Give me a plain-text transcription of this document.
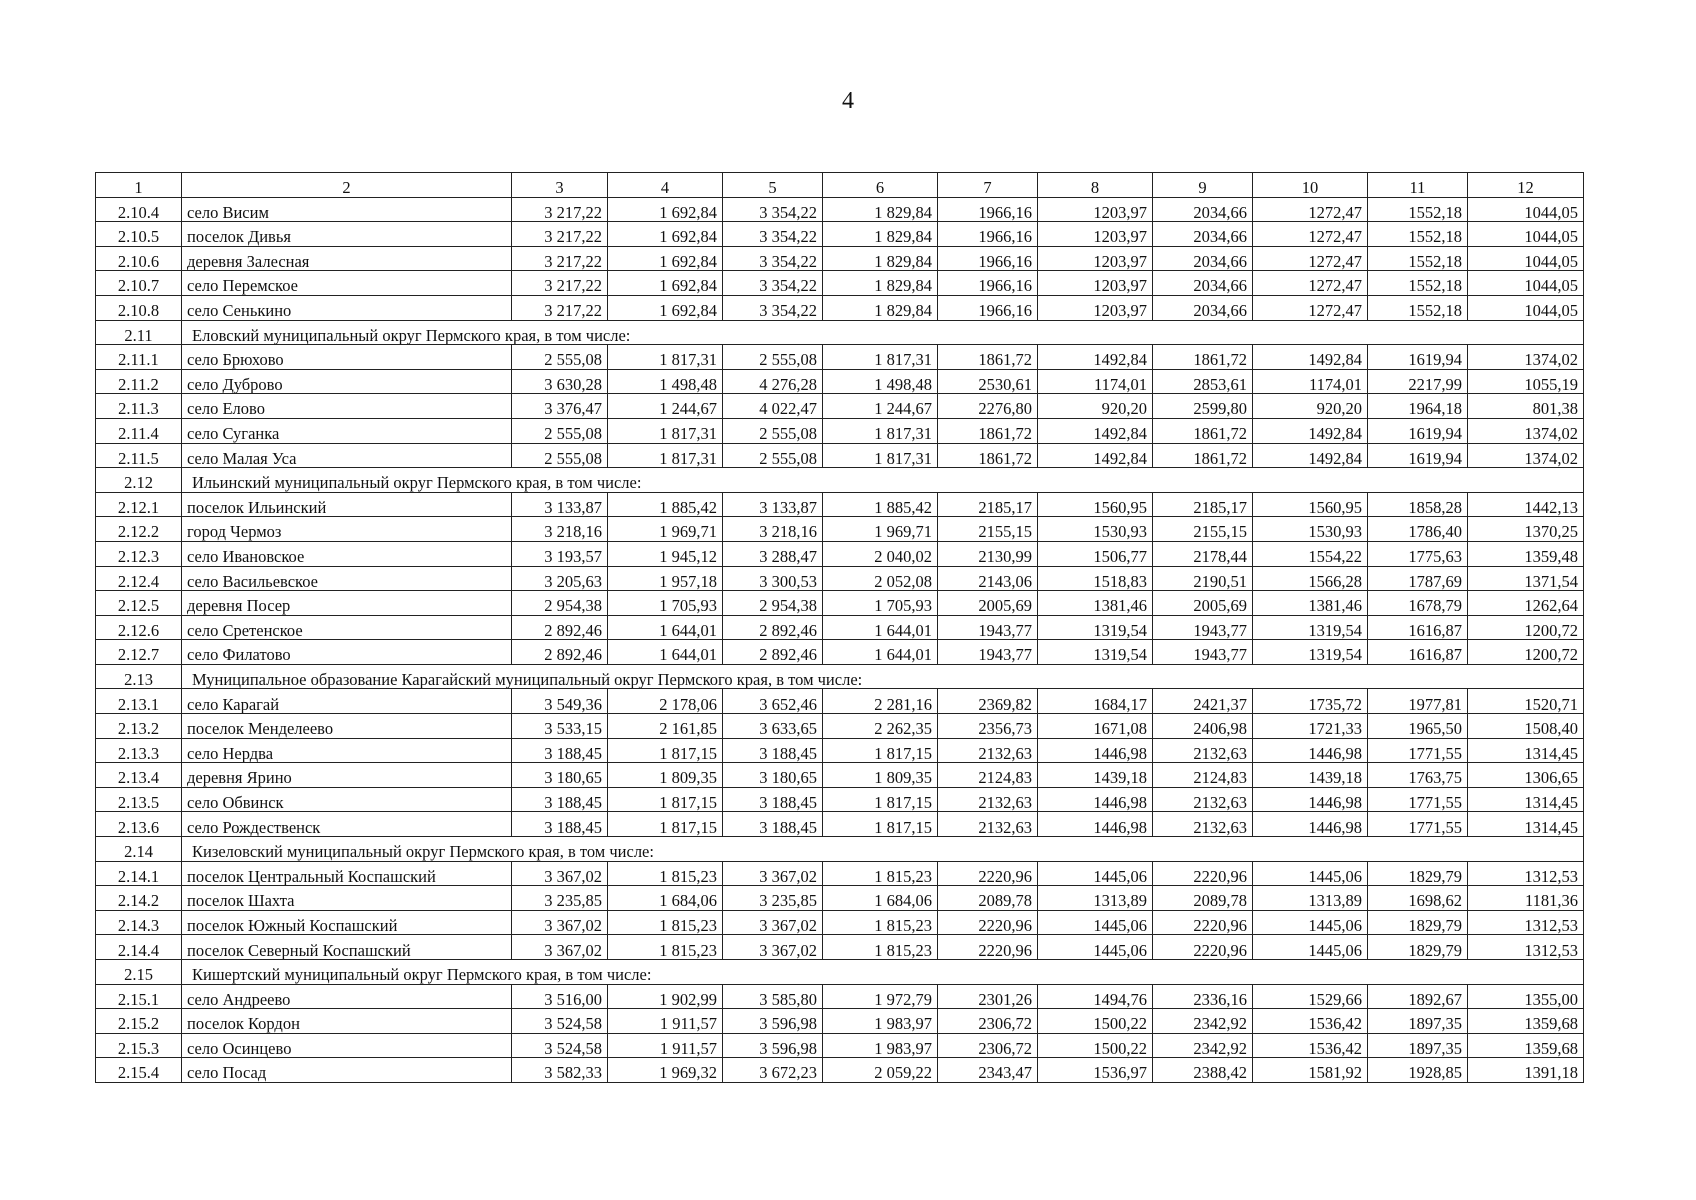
4
1	2	3	4	5	6	7	8	9	10	11	12
2.10.4	село Висим	3 217,22	1 692,84	3 354,22	1 829,84	1966,16	1203,97	2034,66	1272,47	1552,18	1044,05
2.10.5	поселок Дивья	3 217,22	1 692,84	3 354,22	1 829,84	1966,16	1203,97	2034,66	1272,47	1552,18	1044,05
2.10.6	деревня Залесная	3 217,22	1 692,84	3 354,22	1 829,84	1966,16	1203,97	2034,66	1272,47	1552,18	1044,05
2.10.7	село Перемское	3 217,22	1 692,84	3 354,22	1 829,84	1966,16	1203,97	2034,66	1272,47	1552,18	1044,05
2.10.8	село Сенькино	3 217,22	1 692,84	3 354,22	1 829,84	1966,16	1203,97	2034,66	1272,47	1552,18	1044,05
2.11	Еловский муниципальный округ Пермского края, в том числе:										
2.11.1	село Брюхово	2 555,08	1 817,31	2 555,08	1 817,31	1861,72	1492,84	1861,72	1492,84	1619,94	1374,02
2.11.2	село Дуброво	3 630,28	1 498,48	4 276,28	1 498,48	2530,61	1174,01	2853,61	1174,01	2217,99	1055,19
2.11.3	село Елово	3 376,47	1 244,67	4 022,47	1 244,67	2276,80	920,20	2599,80	920,20	1964,18	801,38
2.11.4	село Суганка	2 555,08	1 817,31	2 555,08	1 817,31	1861,72	1492,84	1861,72	1492,84	1619,94	1374,02
2.11.5	село Малая Уса	2 555,08	1 817,31	2 555,08	1 817,31	1861,72	1492,84	1861,72	1492,84	1619,94	1374,02
2.12	Ильинский муниципальный округ Пермского края, в том числе:										
2.12.1	поселок Ильинский	3 133,87	1 885,42	3 133,87	1 885,42	2185,17	1560,95	2185,17	1560,95	1858,28	1442,13
2.12.2	город Чермоз	3 218,16	1 969,71	3 218,16	1 969,71	2155,15	1530,93	2155,15	1530,93	1786,40	1370,25
2.12.3	село Ивановское	3 193,57	1 945,12	3 288,47	2 040,02	2130,99	1506,77	2178,44	1554,22	1775,63	1359,48
2.12.4	село Васильевское	3 205,63	1 957,18	3 300,53	2 052,08	2143,06	1518,83	2190,51	1566,28	1787,69	1371,54
2.12.5	деревня Посер	2 954,38	1 705,93	2 954,38	1 705,93	2005,69	1381,46	2005,69	1381,46	1678,79	1262,64
2.12.6	село Сретенское	2 892,46	1 644,01	2 892,46	1 644,01	1943,77	1319,54	1943,77	1319,54	1616,87	1200,72
2.12.7	село Филатово	2 892,46	1 644,01	2 892,46	1 644,01	1943,77	1319,54	1943,77	1319,54	1616,87	1200,72
2.13	Муниципальное образование Карагайский муниципальный округ Пермского края, в том числе:										
2.13.1	село Карагай	3 549,36	2 178,06	3 652,46	2 281,16	2369,82	1684,17	2421,37	1735,72	1977,81	1520,71
2.13.2	поселок Менделеево	3 533,15	2 161,85	3 633,65	2 262,35	2356,73	1671,08	2406,98	1721,33	1965,50	1508,40
2.13.3	село Нердва	3 188,45	1 817,15	3 188,45	1 817,15	2132,63	1446,98	2132,63	1446,98	1771,55	1314,45
2.13.4	деревня Ярино	3 180,65	1 809,35	3 180,65	1 809,35	2124,83	1439,18	2124,83	1439,18	1763,75	1306,65
2.13.5	село Обвинск	3 188,45	1 817,15	3 188,45	1 817,15	2132,63	1446,98	2132,63	1446,98	1771,55	1314,45
2.13.6	село Рождественск	3 188,45	1 817,15	3 188,45	1 817,15	2132,63	1446,98	2132,63	1446,98	1771,55	1314,45
2.14	Кизеловский муниципальный округ Пермского края, в том числе:										
2.14.1	поселок Центральный Коспашский	3 367,02	1 815,23	3 367,02	1 815,23	2220,96	1445,06	2220,96	1445,06	1829,79	1312,53
2.14.2	поселок Шахта	3 235,85	1 684,06	3 235,85	1 684,06	2089,78	1313,89	2089,78	1313,89	1698,62	1181,36
2.14.3	поселок Южный Коспашский	3 367,02	1 815,23	3 367,02	1 815,23	2220,96	1445,06	2220,96	1445,06	1829,79	1312,53
2.14.4	поселок Северный Коспашский	3 367,02	1 815,23	3 367,02	1 815,23	2220,96	1445,06	2220,96	1445,06	1829,79	1312,53
2.15	Кишертский муниципальный округ Пермского края, в том числе:										
2.15.1	село Андреево	3 516,00	1 902,99	3 585,80	1 972,79	2301,26	1494,76	2336,16	1529,66	1892,67	1355,00
2.15.2	поселок Кордон	3 524,58	1 911,57	3 596,98	1 983,97	2306,72	1500,22	2342,92	1536,42	1897,35	1359,68
2.15.3	село Осинцево	3 524,58	1 911,57	3 596,98	1 983,97	2306,72	1500,22	2342,92	1536,42	1897,35	1359,68
2.15.4	село Посад	3 582,33	1 969,32	3 672,23	2 059,22	2343,47	1536,97	2388,42	1581,92	1928,85	1391,18
